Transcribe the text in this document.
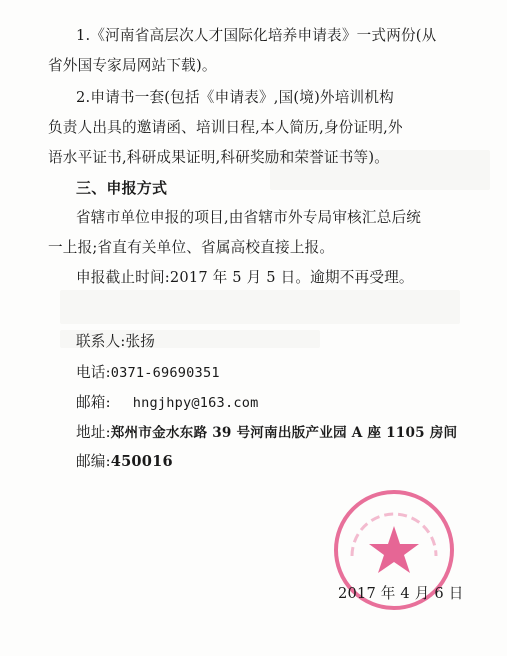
1.《河南省高层次人才国际化培养申请表》一式两份(从
省外国专家局网站下载)。
2.申请书一套(包括《申请表》,国(境)外培训机构
负责人出具的邀请函、培训日程,本人简历,身份证明,外
语水平证书,科研成果证明,科研奖励和荣誉证书等)。
三、申报方式
省辖市单位申报的项目,由省辖市外专局审核汇总后统
一上报;省直有关单位、省属高校直接上报。
申报截止时间:2017 年 5 月 5 日。逾期不再受理。
联系人:张扬
电话:0371-69690351
邮箱: hngjhpy@163.com
地址:郑州市金水东路 39 号河南出版产业园 A 座 1105 房间
邮编:450016
2017 年 4 月 6 日
